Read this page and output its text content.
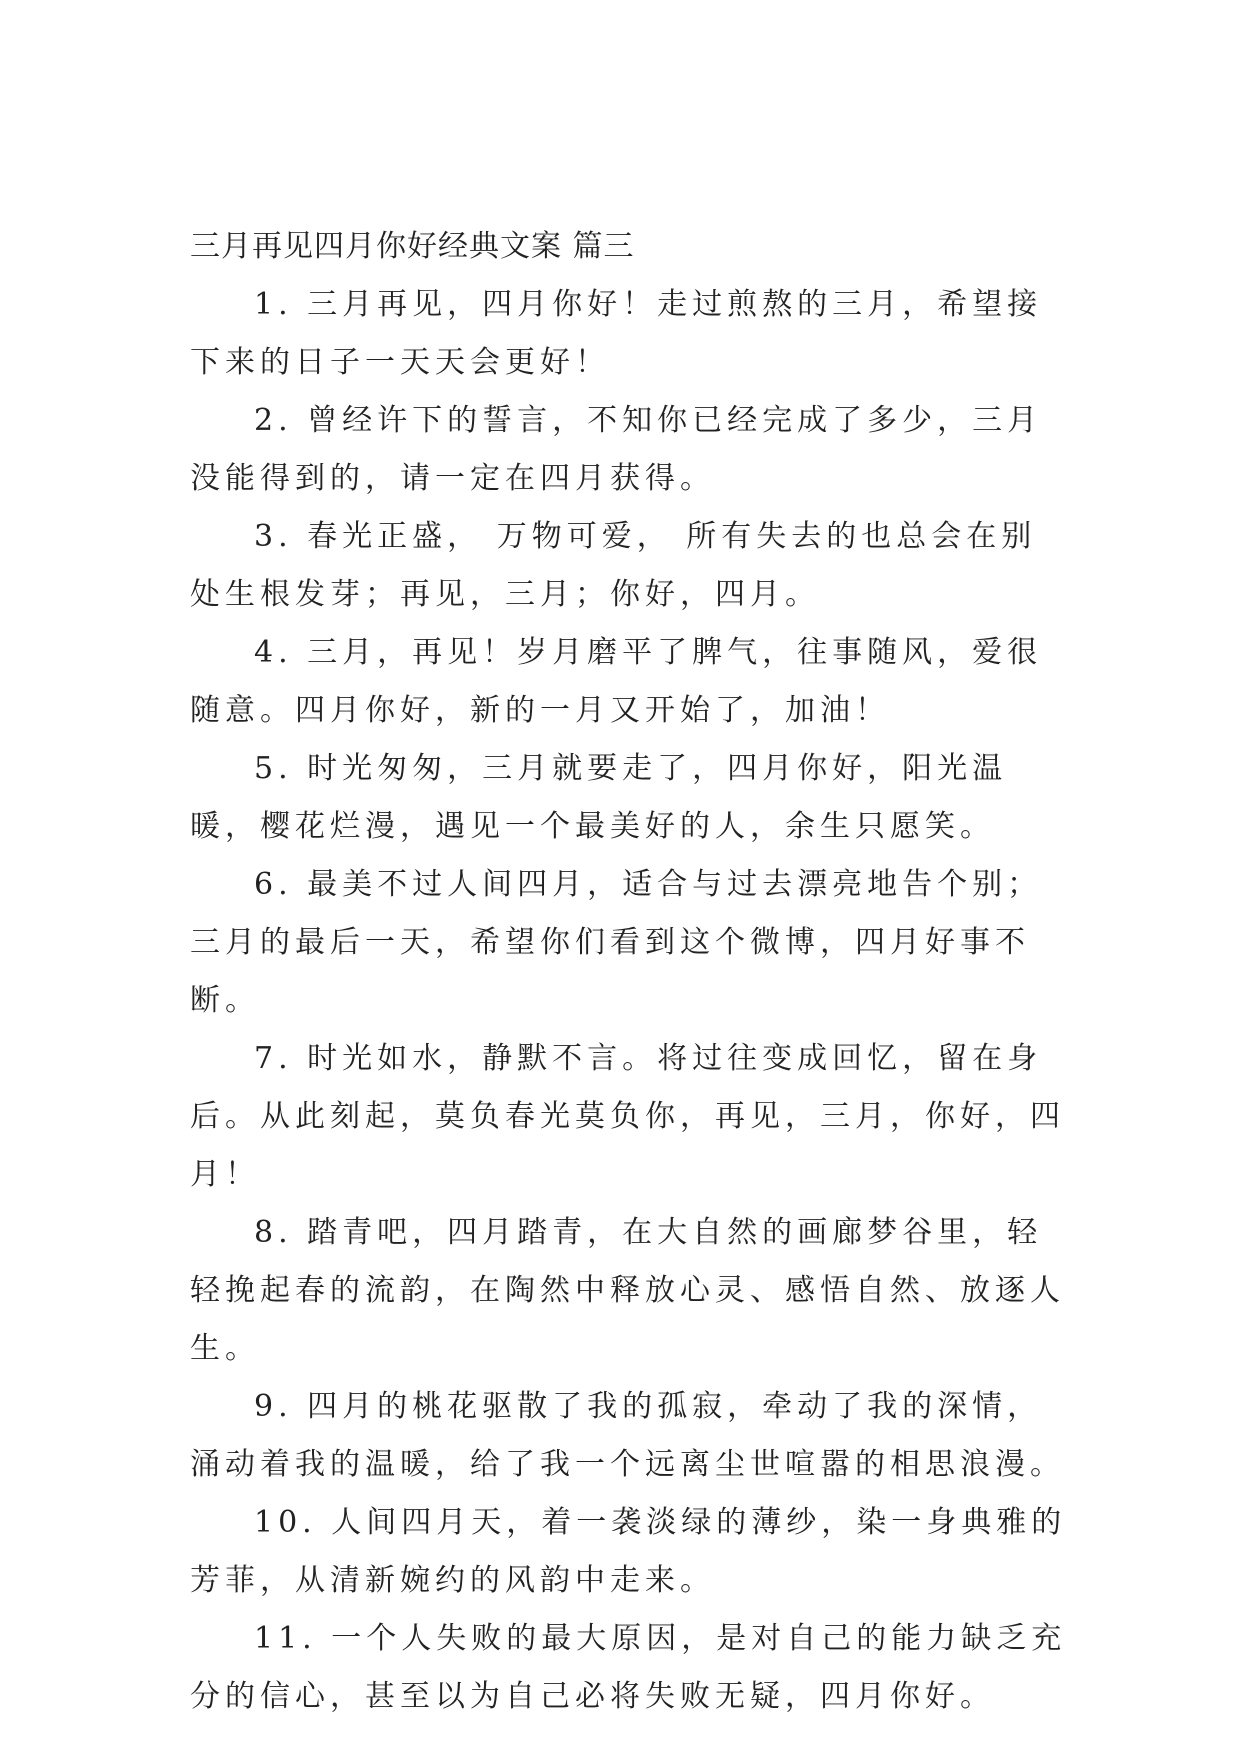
三月再见四月你好经典文案 篇三

1. 三月再见，四月你好！走过煎熬的三月，希望接下来的日子一天天会更好！

2. 曾经许下的誓言，不知你已经完成了多少，三月没能得到的，请一定在四月获得。

3. 春光正盛， 万物可爱， 所有失去的也总会在别处生根发芽；再见，三月；你好，四月。

4. 三月，再见！岁月磨平了脾气，往事随风，爱很随意。四月你好，新的一月又开始了，加油！

5. 时光匆匆，三月就要走了，四月你好，阳光温暖，樱花烂漫，遇见一个最美好的人，余生只愿笑。

6. 最美不过人间四月，适合与过去漂亮地告个别；三月的最后一天，希望你们看到这个微博，四月好事不断。

7. 时光如水，静默不言。将过往变成回忆，留在身后。从此刻起，莫负春光莫负你，再见，三月，你好，四月！

8. 踏青吧，四月踏青，在大自然的画廊梦谷里，轻轻挽起春的流韵，在陶然中释放心灵、感悟自然、放逐人生。

9. 四月的桃花驱散了我的孤寂，牵动了我的深情，涌动着我的温暖，给了我一个远离尘世喧嚣的相思浪漫。

10. 人间四月天，着一袭淡绿的薄纱，染一身典雅的芳菲，从清新婉约的风韵中走来。

11. 一个人失败的最大原因，是对自己的能力缺乏充分的信心，甚至以为自己必将失败无疑，四月你好。
